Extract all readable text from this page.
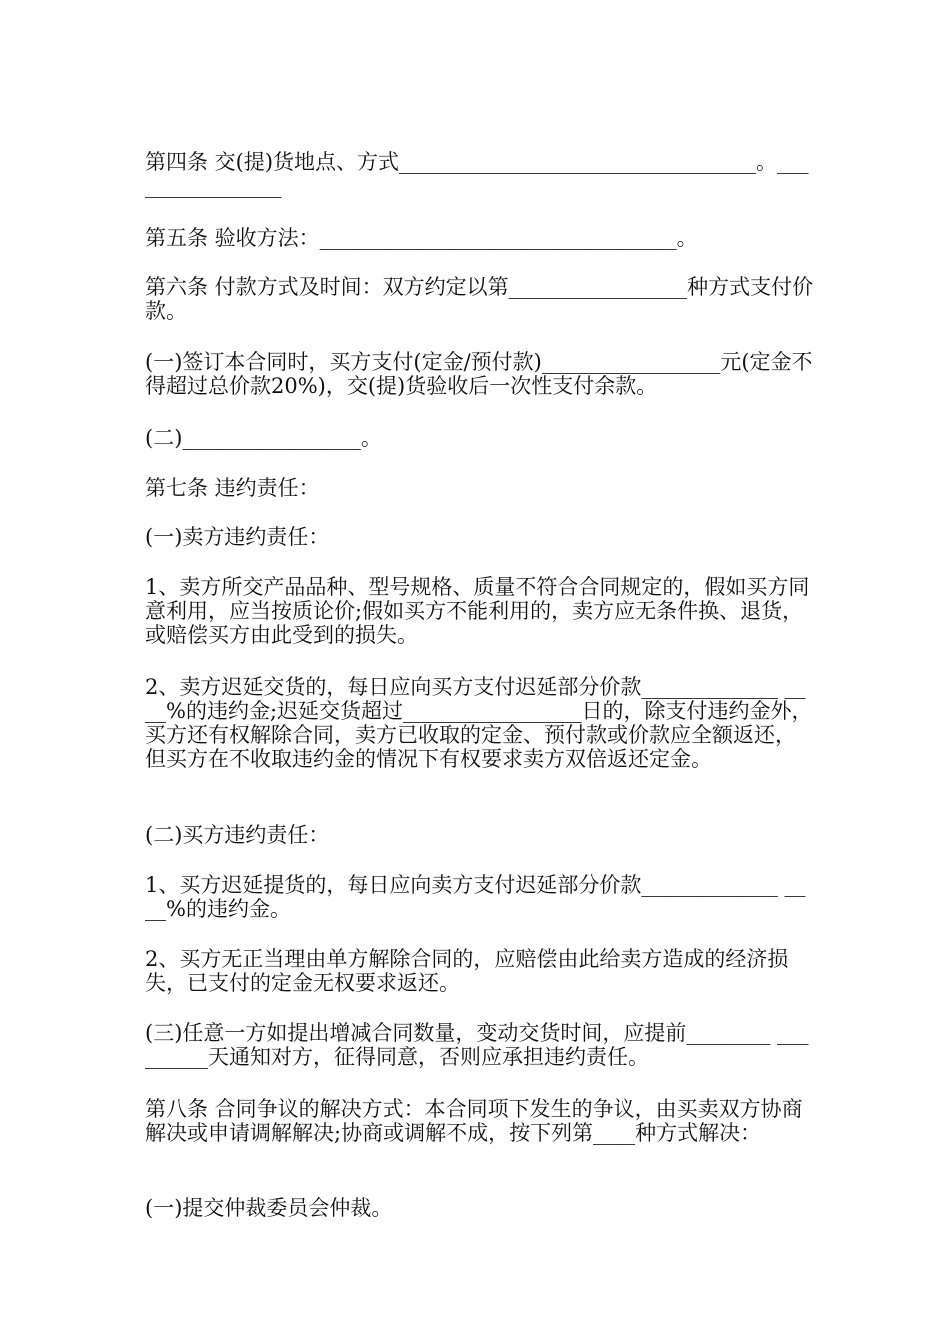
第四条 交(提)货地点、方式__________________________________。________________
第五条 验收方法：__________________________________。
第六条 付款方式及时间：双方约定以第_________________种方式支付价款。
(一)签订本合同时，买方支付(定金/预付款)_________________元(定金不得超过总价款20%)，交(提)货验收后一次性支付余款。
(二)_________________。
第七条 违约责任：
(一)卖方违约责任：
1、卖方所交产品品种、型号规格、质量不符合合同规定的，假如买方同意利用，应当按质论价;假如买方不能利用的，卖方应无条件换、退货，或赔偿买方由此受到的损失。
2、卖方迟延交货的，每日应向买方支付迟延部分价款_____________ ____%的违约金;迟延交货超过_________________日的，除支付违约金外，买方还有权解除合同，卖方已收取的定金、预付款或价款应全额返还，但买方在不收取违约金的情况下有权要求卖方双倍返还定金。
(二)买方违约责任：
1、买方迟延提货的，每日应向卖方支付迟延部分价款_____________ ____%的违约金。
2、买方无正当理由单方解除合同的，应赔偿由此给卖方造成的经济损失，已支付的定金无权要求返还。
(三)任意一方如提出增减合同数量，变动交货时间，应提前________ _________天通知对方，征得同意，否则应承担违约责任。
第八条 合同争议的解决方式：本合同项下发生的争议，由买卖双方协商解决或申请调解解决;协商或调解不成，按下列第____种方式解决：
(一)提交仲裁委员会仲裁。
